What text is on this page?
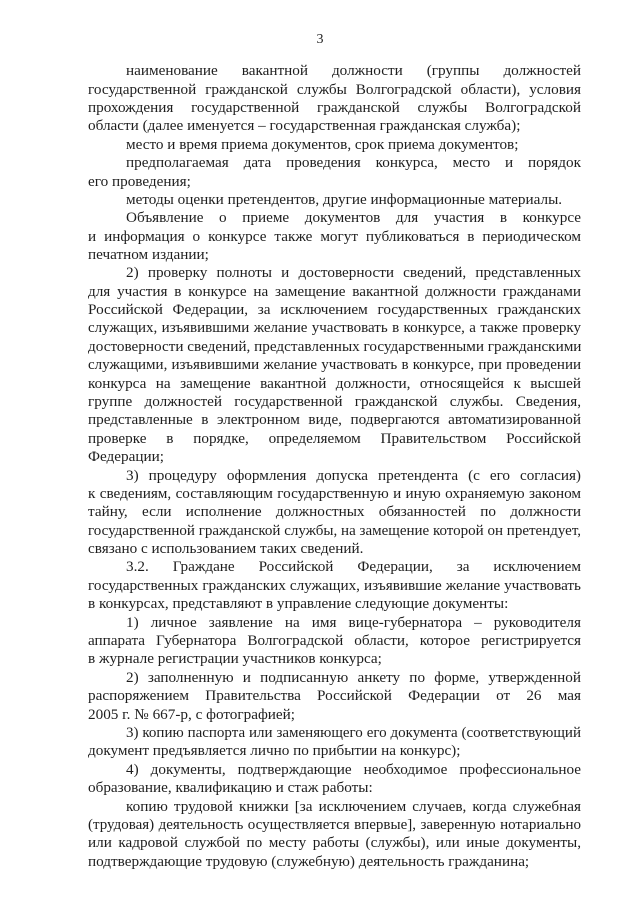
3
наименование вакантной должности (группы должностей
государственной гражданской службы Волгоградской области), условия
прохождения государственной гражданской службы Волгоградской
области (далее именуется – государственная гражданская служба);
место и время приема документов, срок приема документов;
предполагаемая дата проведения конкурса, место и порядок
его проведения;
методы оценки претендентов, другие информационные материалы.
Объявление о приеме документов для участия в конкурсе
и информация о конкурсе также могут публиковаться в периодическом
печатном издании;
2) проверку полноты и достоверности сведений, представленных
для участия в конкурсе на замещение вакантной должности гражданами
Российской Федерации, за исключением государственных гражданских
служащих, изъявившими желание участвовать в конкурсе, а также проверку
достоверности сведений, представленных государственными гражданскими
служащими, изъявившими желание участвовать в конкурсе, при проведении
конкурса на замещение вакантной должности, относящейся к высшей
группе должностей государственной гражданской службы. Сведения,
представленные в электронном виде, подвергаются автоматизированной
проверке в порядке, определяемом Правительством Российской
Федерации;
3) процедуру оформления допуска претендента (с его согласия)
к сведениям, составляющим государственную и иную охраняемую законом
тайну, если исполнение должностных обязанностей по должности
государственной гражданской службы, на замещение которой он претендует,
связано с использованием таких сведений.
3.2. Граждане Российской Федерации, за исключением
государственных гражданских служащих, изъявившие желание участвовать
в конкурсах, представляют в управление следующие документы:
1) личное заявление на имя вице-губернатора – руководителя
аппарата Губернатора Волгоградской области, которое регистрируется
в журнале регистрации участников конкурса;
2) заполненную и подписанную анкету по форме, утвержденной
распоряжением Правительства Российской Федерации от 26 мая
2005 г. № 667-р, с фотографией;
3) копию паспорта или заменяющего его документа (соответствующий
документ предъявляется лично по прибытии на конкурс);
4) документы, подтверждающие необходимое профессиональное
образование, квалификацию и стаж работы:
копию трудовой книжки [за исключением случаев, когда служебная
(трудовая) деятельность осуществляется впервые], заверенную нотариально
или кадровой службой по месту работы (службы), или иные документы,
подтверждающие трудовую (служебную) деятельность гражданина;
